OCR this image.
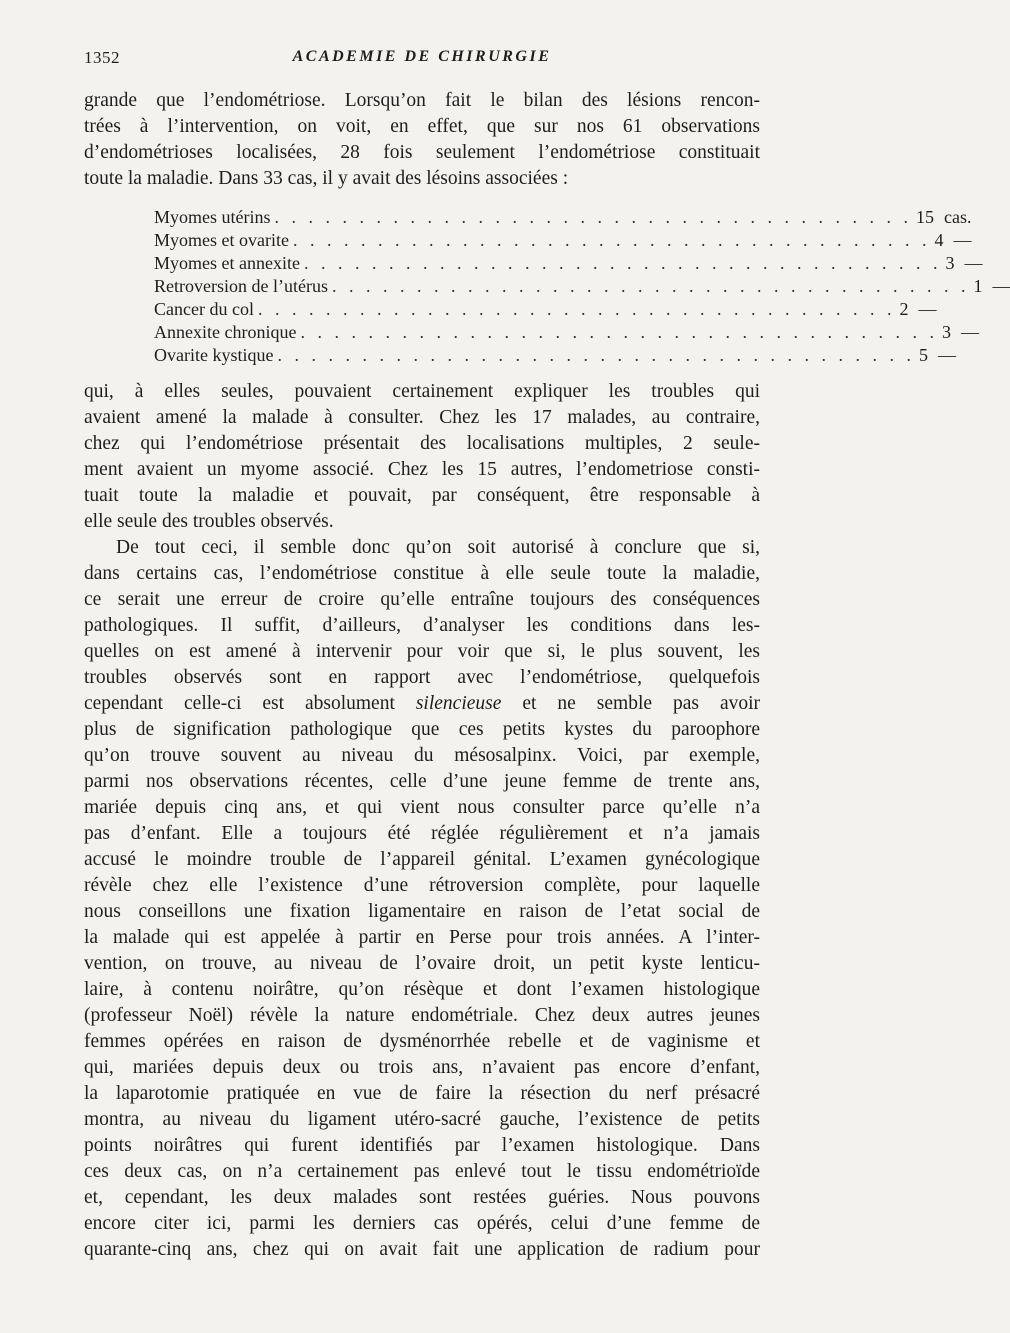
1352	ACADEMIE DE CHIRURGIE
grande que l’endométriose. Lorsqu’on fait le bilan des lésions rencon-
trées à l’intervention, on voit, en effet, que sur nos 61 observations
d’endométrioses localisées, 28 fois seulement l’endométriose constituait
toute la maladie. Dans 33 cas, il y avait des lésoins associées :
Myomes utérins . . . . . . . . . . . . . . . . . . . . . . . . . . . . . . . . . . . . . . 15 cas.
Myomes et ovarite . . . . . . . . . . . . . . . . . . . . . . . . . . . . . . . . . . . . . . 4 —
Myomes et annexite . . . . . . . . . . . . . . . . . . . . . . . . . . . . . . . . . . . . . . 3 —
Retroversion de l’utérus . . . . . . . . . . . . . . . . . . . . . . . . . . . . . . . . . . . . . . 1 —
Cancer du col . . . . . . . . . . . . . . . . . . . . . . . . . . . . . . . . . . . . . . 2 —
Annexite chronique . . . . . . . . . . . . . . . . . . . . . . . . . . . . . . . . . . . . . . 3 —
Ovarite kystique . . . . . . . . . . . . . . . . . . . . . . . . . . . . . . . . . . . . . . 5 —
qui, à elles seules, pouvaient certainement expliquer les troubles qui
avaient amené la malade à consulter. Chez les 17 malades, au contraire,
chez qui l’endométriose présentait des localisations multiples, 2 seule-
ment avaient un myome associé. Chez les 15 autres, l’endometriose consti-
tuait toute la maladie et pouvait, par conséquent, être responsable à
elle seule des troubles observés.
De tout ceci, il semble donc qu’on soit autorisé à conclure que si,
dans certains cas, l’endométriose constitue à elle seule toute la maladie,
ce serait une erreur de croire qu’elle entraîne toujours des conséquences
pathologiques. Il suffit, d’ailleurs, d’analyser les conditions dans les-
quelles on est amené à intervenir pour voir que si, le plus souvent, les
troubles observés sont en rapport avec l’endométriose, quelquefois
cependant celle-ci est absolument silencieuse et ne semble pas avoir
plus de signification pathologique que ces petits kystes du paroophore
qu’on trouve souvent au niveau du mésosalpinx. Voici, par exemple,
parmi nos observations récentes, celle d’une jeune femme de trente ans,
mariée depuis cinq ans, et qui vient nous consulter parce qu’elle n’a
pas d’enfant. Elle a toujours été réglée régulièrement et n’a jamais
accusé le moindre trouble de l’appareil génital. L’examen gynécologique
révèle chez elle l’existence d’une rétroversion complète, pour laquelle
nous conseillons une fixation ligamentaire en raison de l’etat social de
la malade qui est appelée à partir en Perse pour trois années. A l’inter-
vention, on trouve, au niveau de l’ovaire droit, un petit kyste lenticu-
laire, à contenu noirâtre, qu’on résèque et dont l’examen histologique
(professeur Noël) révèle la nature endométriale. Chez deux autres jeunes
femmes opérées en raison de dysménorrhée rebelle et de vaginisme et
qui, mariées depuis deux ou trois ans, n’avaient pas encore d’enfant,
la laparotomie pratiquée en vue de faire la résection du nerf présacré
montra, au niveau du ligament utéro-sacré gauche, l’existence de petits
points noirâtres qui furent identifiés par l’examen histologique. Dans
ces deux cas, on n’a certainement pas enlevé tout le tissu endométrioïde
et, cependant, les deux malades sont restées guéries. Nous pouvons
encore citer ici, parmi les derniers cas opérés, celui d’une femme de
quarante-cinq ans, chez qui on avait fait une application de radium pour
